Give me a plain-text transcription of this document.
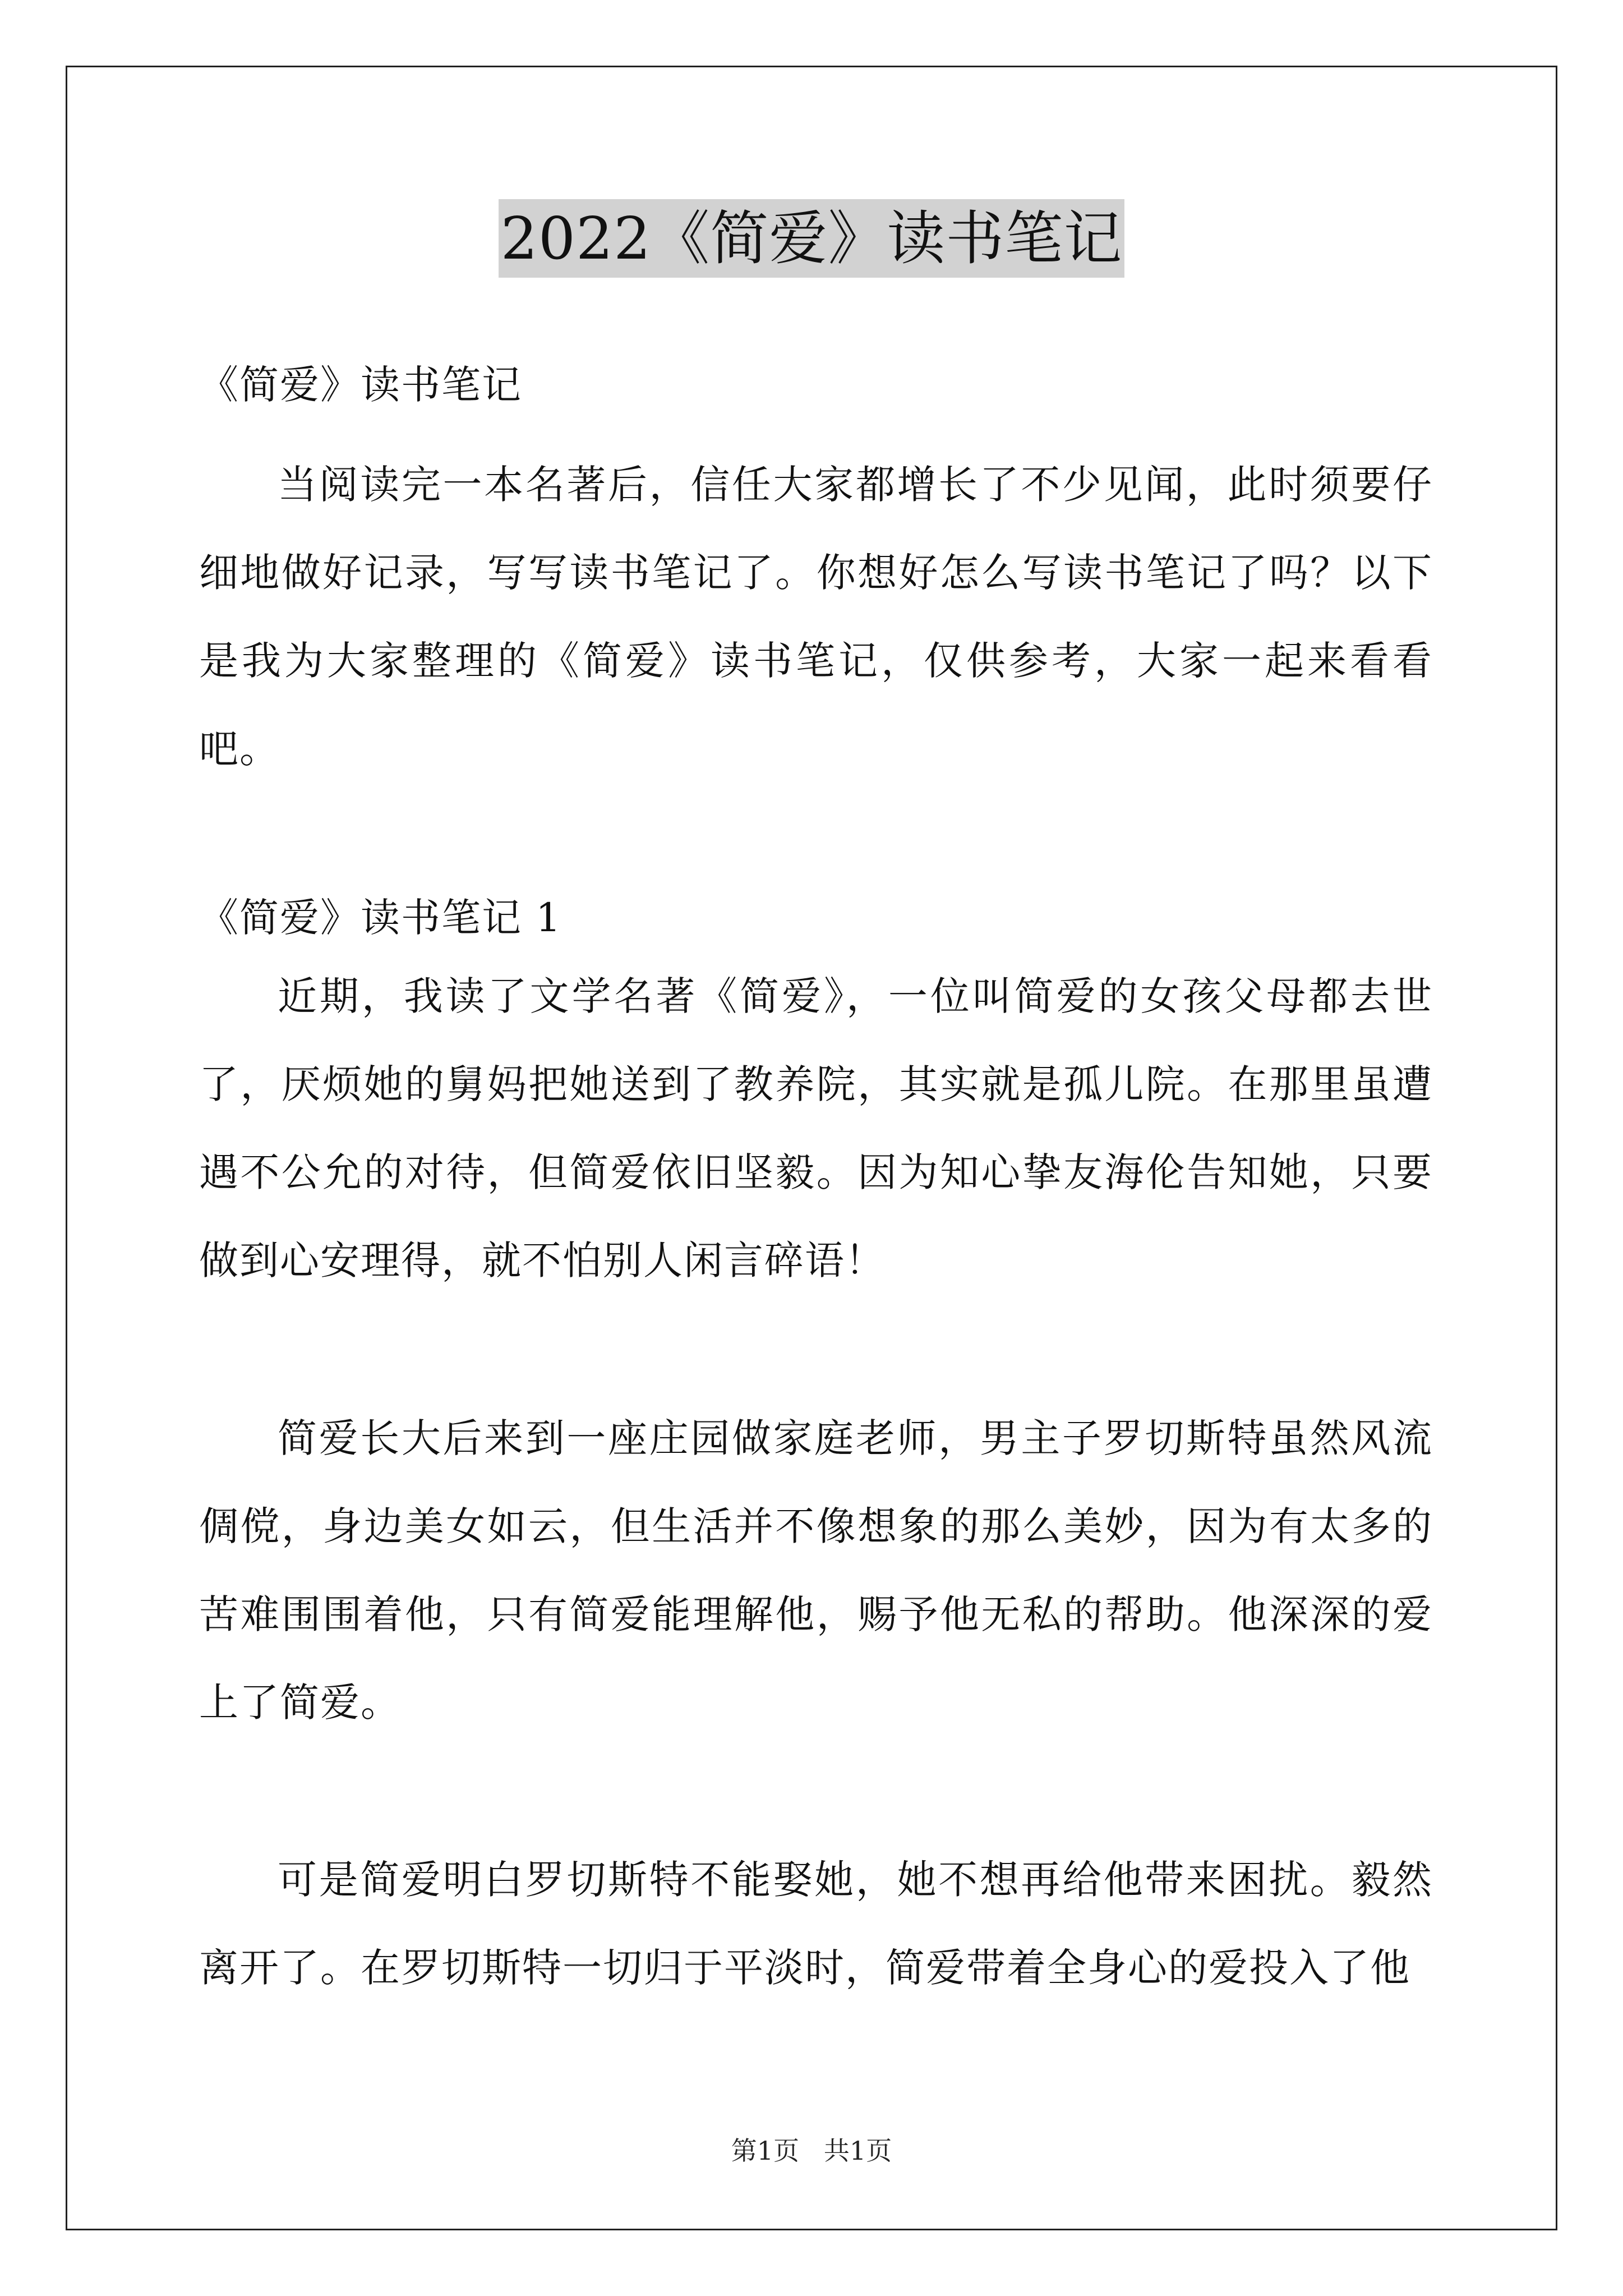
2022《简爱》读书笔记
《简爱》读书笔记

当阅读完一本名著后，信任大家都增长了不少见闻，此时须要仔细地做好记录，写写读书笔记了。你想好怎么写读书笔记了吗？以下是我为大家整理的《简爱》读书笔记，仅供参考，大家一起来看看吧。

《简爱》读书笔记 1

近期，我读了文学名著《简爱》，一位叫简爱的女孩父母都去世了，厌烦她的舅妈把她送到了教养院，其实就是孤儿院。在那里虽遭遇不公允的对待，但简爱依旧坚毅。因为知心挚友海伦告知她，只要做到心安理得，就不怕别人闲言碎语！

简爱长大后来到一座庄园做家庭老师，男主子罗切斯特虽然风流倜傥，身边美女如云，但生活并不像想象的那么美妙，因为有太多的苦难围围着他，只有简爱能理解他，赐予他无私的帮助。他深深的爱上了简爱。

可是简爱明白罗切斯特不能娶她，她不想再给他带来困扰。毅然离开了。在罗切斯特一切归于平淡时，简爱带着全身心的爱投入了他

第1页   共1页
